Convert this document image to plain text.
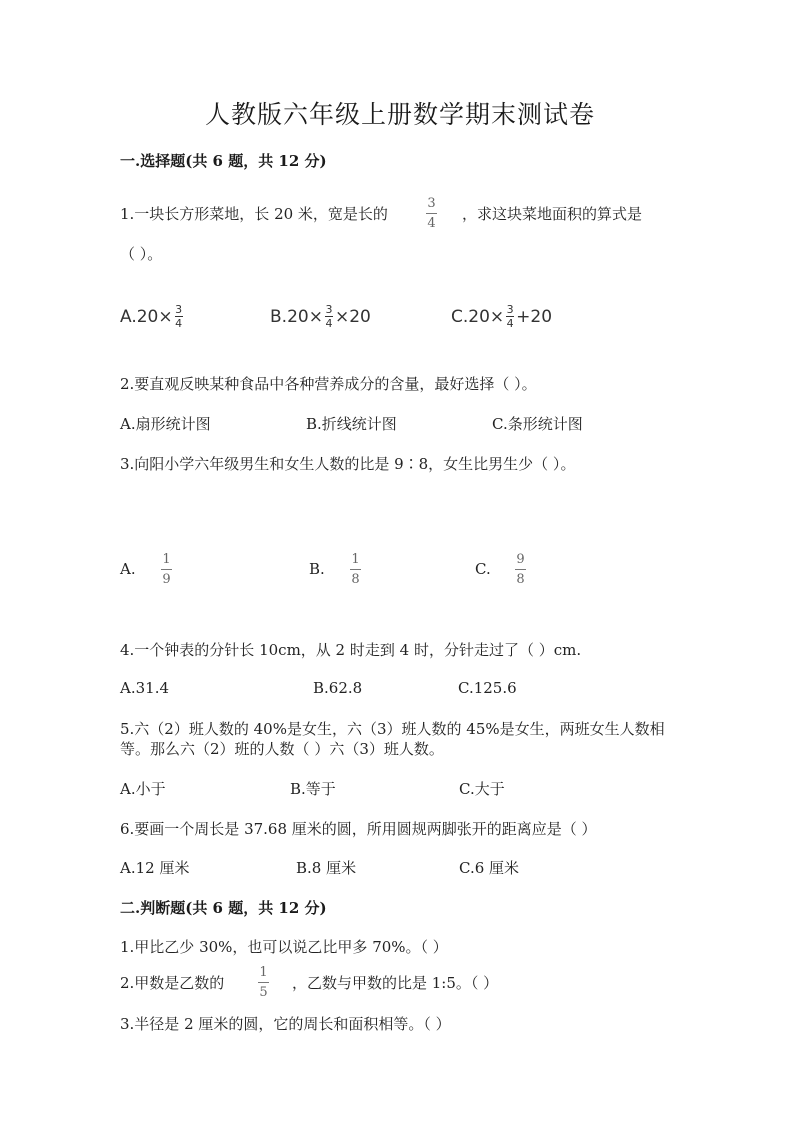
人教版六年级上册数学期末测试卷
一.选择题(共 6 题，共 12 分)
1.一块长方形菜地，长 20 米，宽是长的
3
4
，求这块菜地面积的算式是
（ ）。
A. 20× 3
4	B. 20× 3
4 ×20	C. 20× 3
4 +20
2.要直观反映某种食品中各种营养成分的含量，最好选择（ ）。
A.扇形统计图	B.折线统计图	C.条形统计图
3.向阳小学六年级男生和女生人数的比是 9∶8，女生比男生少（ ）。
A.
1
9
B.
1
8
C.
9
8
4.一个钟表的分针长 10cm，从 2 时走到 4 时，分针走过了（ ）cm.
A.31.4	B.62.8	C.125.6
5.六（2）班人数的 40%是女生，六（3）班人数的 45%是女生，两班女生人数相
等。那么六（2）班的人数（ ）六（3）班人数。
A.小于	B.等于	C.大于
6.要画一个周长是 37.68 厘米的圆，所用圆规两脚张开的距离应是（ ）
A.12 厘米	B.8 厘米	C.6 厘米
二.判断题(共 6 题，共 12 分)
1.甲比乙少 30%，也可以说乙比甲多 70%。（ ）
2.甲数是乙数的
1
5
，乙数与甲数的比是 1:5。（ ）
3.半径是 2 厘米的圆，它的周长和面积相等。（ ）
